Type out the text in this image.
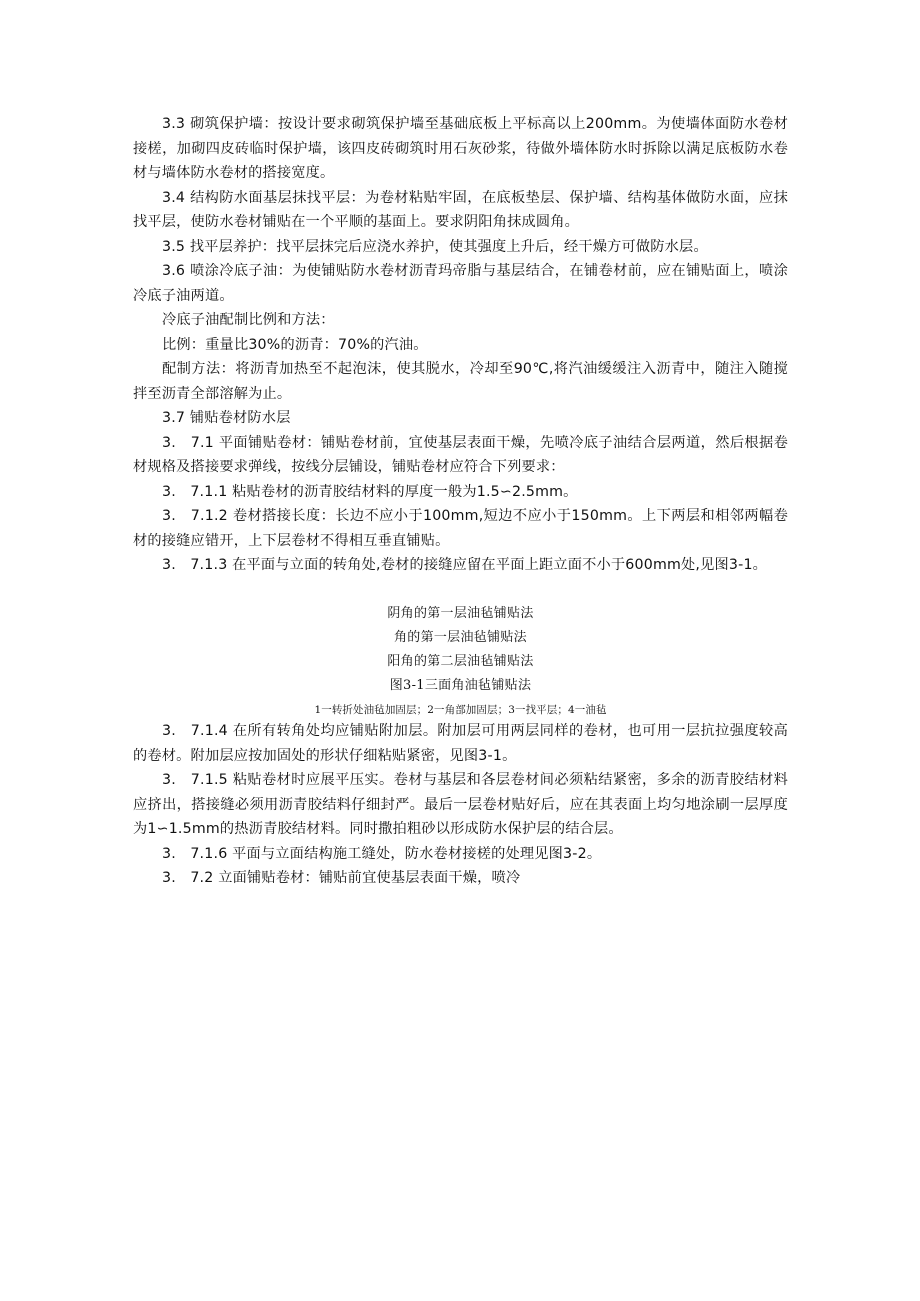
3.3 砌筑保护墙：按设计要求砌筑保护墙至基础底板上平标高以上200mm。为使墙体面防水卷材接槎，加砌四皮砖临时保护墙，该四皮砖砌筑时用石灰砂浆，待做外墙体防水时拆除以满足底板防水卷材与墙体防水卷材的搭接宽度。

3.4 结构防水面基层抹找平层：为卷材粘贴牢固，在底板垫层、保护墙、结构基体做防水面，应抹找平层，使防水卷材铺贴在一个平顺的基面上。要求阴阳角抹成圆角。

3.5 找平层养护：找平层抹完后应浇水养护，使其强度上升后，经干燥方可做防水层。

3.6 喷涂冷底子油：为使铺贴防水卷材沥青玛帝脂与基层结合，在铺卷材前，应在铺贴面上，喷涂冷底子油两道。

冷底子油配制比例和方法：

比例：重量比30%的沥青：70%的汽油。

配制方法：将沥青加热至不起泡沫，使其脱水，冷却至90℃,将汽油缓缓注入沥青中，随注入随搅拌至沥青全部溶解为止。

3.7 铺贴卷材防水层

3.　7.1 平面铺贴卷材：铺贴卷材前，宜使基层表面干燥，先喷冷底子油结合层两道，然后根据卷材规格及搭接要求弹线，按线分层铺设，铺贴卷材应符合下列要求：

3.　7.1.1 粘贴卷材的沥青胶结材料的厚度一般为1.5∽2.5mm。

3.　7.1.2 卷材搭接长度：长边不应小于100mm,短边不应小于150mm。上下两层和相邻两幅卷材的接缝应错开，上下层卷材不得相互垂直铺贴。

3.　7.1.3 在平面与立面的转角处,卷材的接缝应留在平面上距立面不小于600mm处,见图3-1。

阴角的第一层油毡铺贴法

角的第一层油毡铺贴法

阳角的第二层油毡铺贴法

图3-1三面角油毡铺贴法

1一转折处油毡加固层；2一角部加固层；3一找平层；4一油毡

3.　7.1.4 在所有转角处均应铺贴附加层。附加层可用两层同样的卷材，也可用一层抗拉强度较高的卷材。附加层应按加固处的形状仔细粘贴紧密，见图3-1。

3.　7.1.5 粘贴卷材时应展平压实。卷材与基层和各层卷材间必须粘结紧密，多余的沥青胶结材料应挤出，搭接缝必须用沥青胶结料仔细封严。最后一层卷材贴好后，应在其表面上均匀地涂刷一层厚度为1∽1.5mm的热沥青胶结材料。同时撒拍粗砂以形成防水保护层的结合层。

3.　7.1.6 平面与立面结构施工缝处，防水卷材接槎的处理见图3-2。

3.　7.2 立面铺贴卷材：铺贴前宜使基层表面干燥，喷冷
